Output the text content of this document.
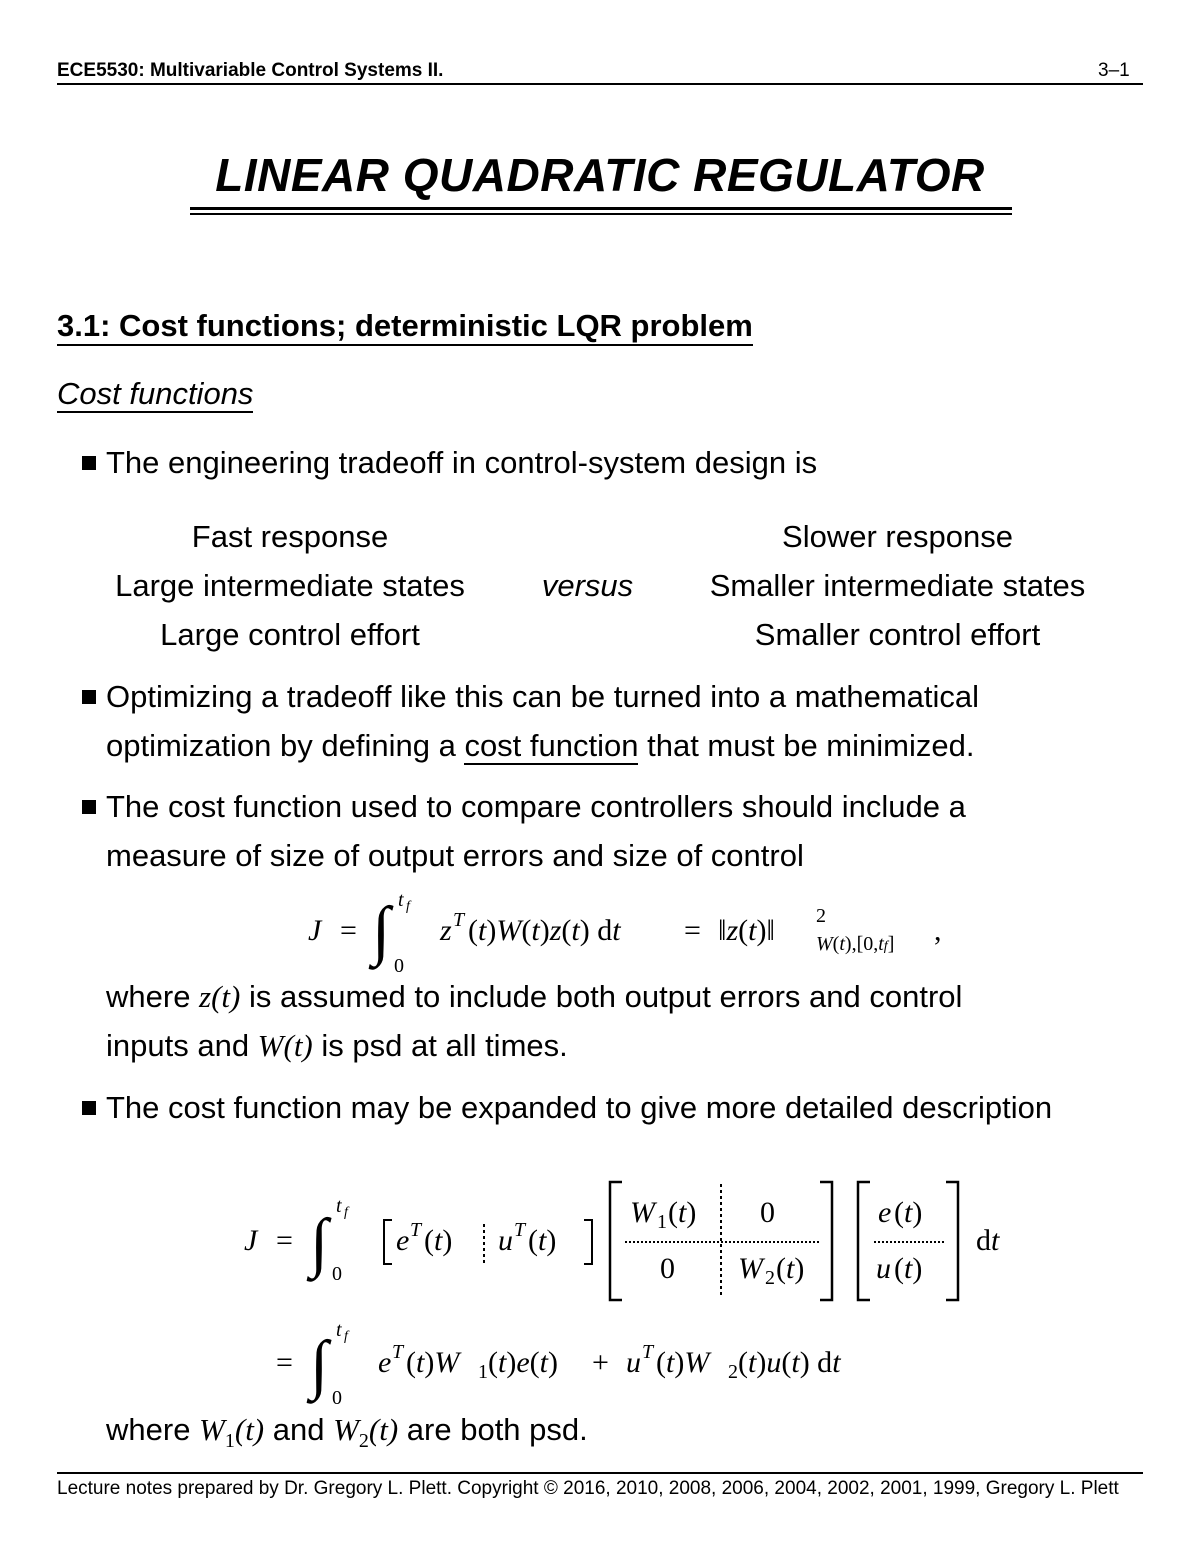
ECE5530: Multivariable Control Systems II.	3–1
LINEAR QUADRATIC REGULATOR
3.1: Cost functions; deterministic LQR problem
Cost functions
The engineering tradeoff in control-system design is
Fast response
Large intermediate states
Large control effort
versus
Slower response
Smaller intermediate states
Smaller control effort
Optimizing a tradeoff like this can be turned into a mathematical
optimization by defining a cost function that must be minimized.
The cost function used to compare controllers should include a
measure of size of output errors and size of control
J = ∫ t f
0
z T (t)W(t)z(t) dt = ‖z(t)‖ 2
W(t),[0,tf] ,
where z(t) is assumed to include both output errors and control
inputs and W(t) is psd at all times.
The cost function may be expanded to give more detailed description
J = ∫ t f
0
e T (t) u T (t)
W 1 (t) 0
0 W 2 (t)
e (t)
u (t)
dt
= ∫ t f
0
e T (t)W 1 (t)e(t) + u T (t)W 2 (t)u(t) dt
where $W_1(t)$ and $W_2(t)$ are both psd.
Lecture notes prepared by Dr. Gregory L. Plett. Copyright © 2016, 2010, 2008, 2006, 2004, 2002, 2001, 1999, Gregory L. Plett
